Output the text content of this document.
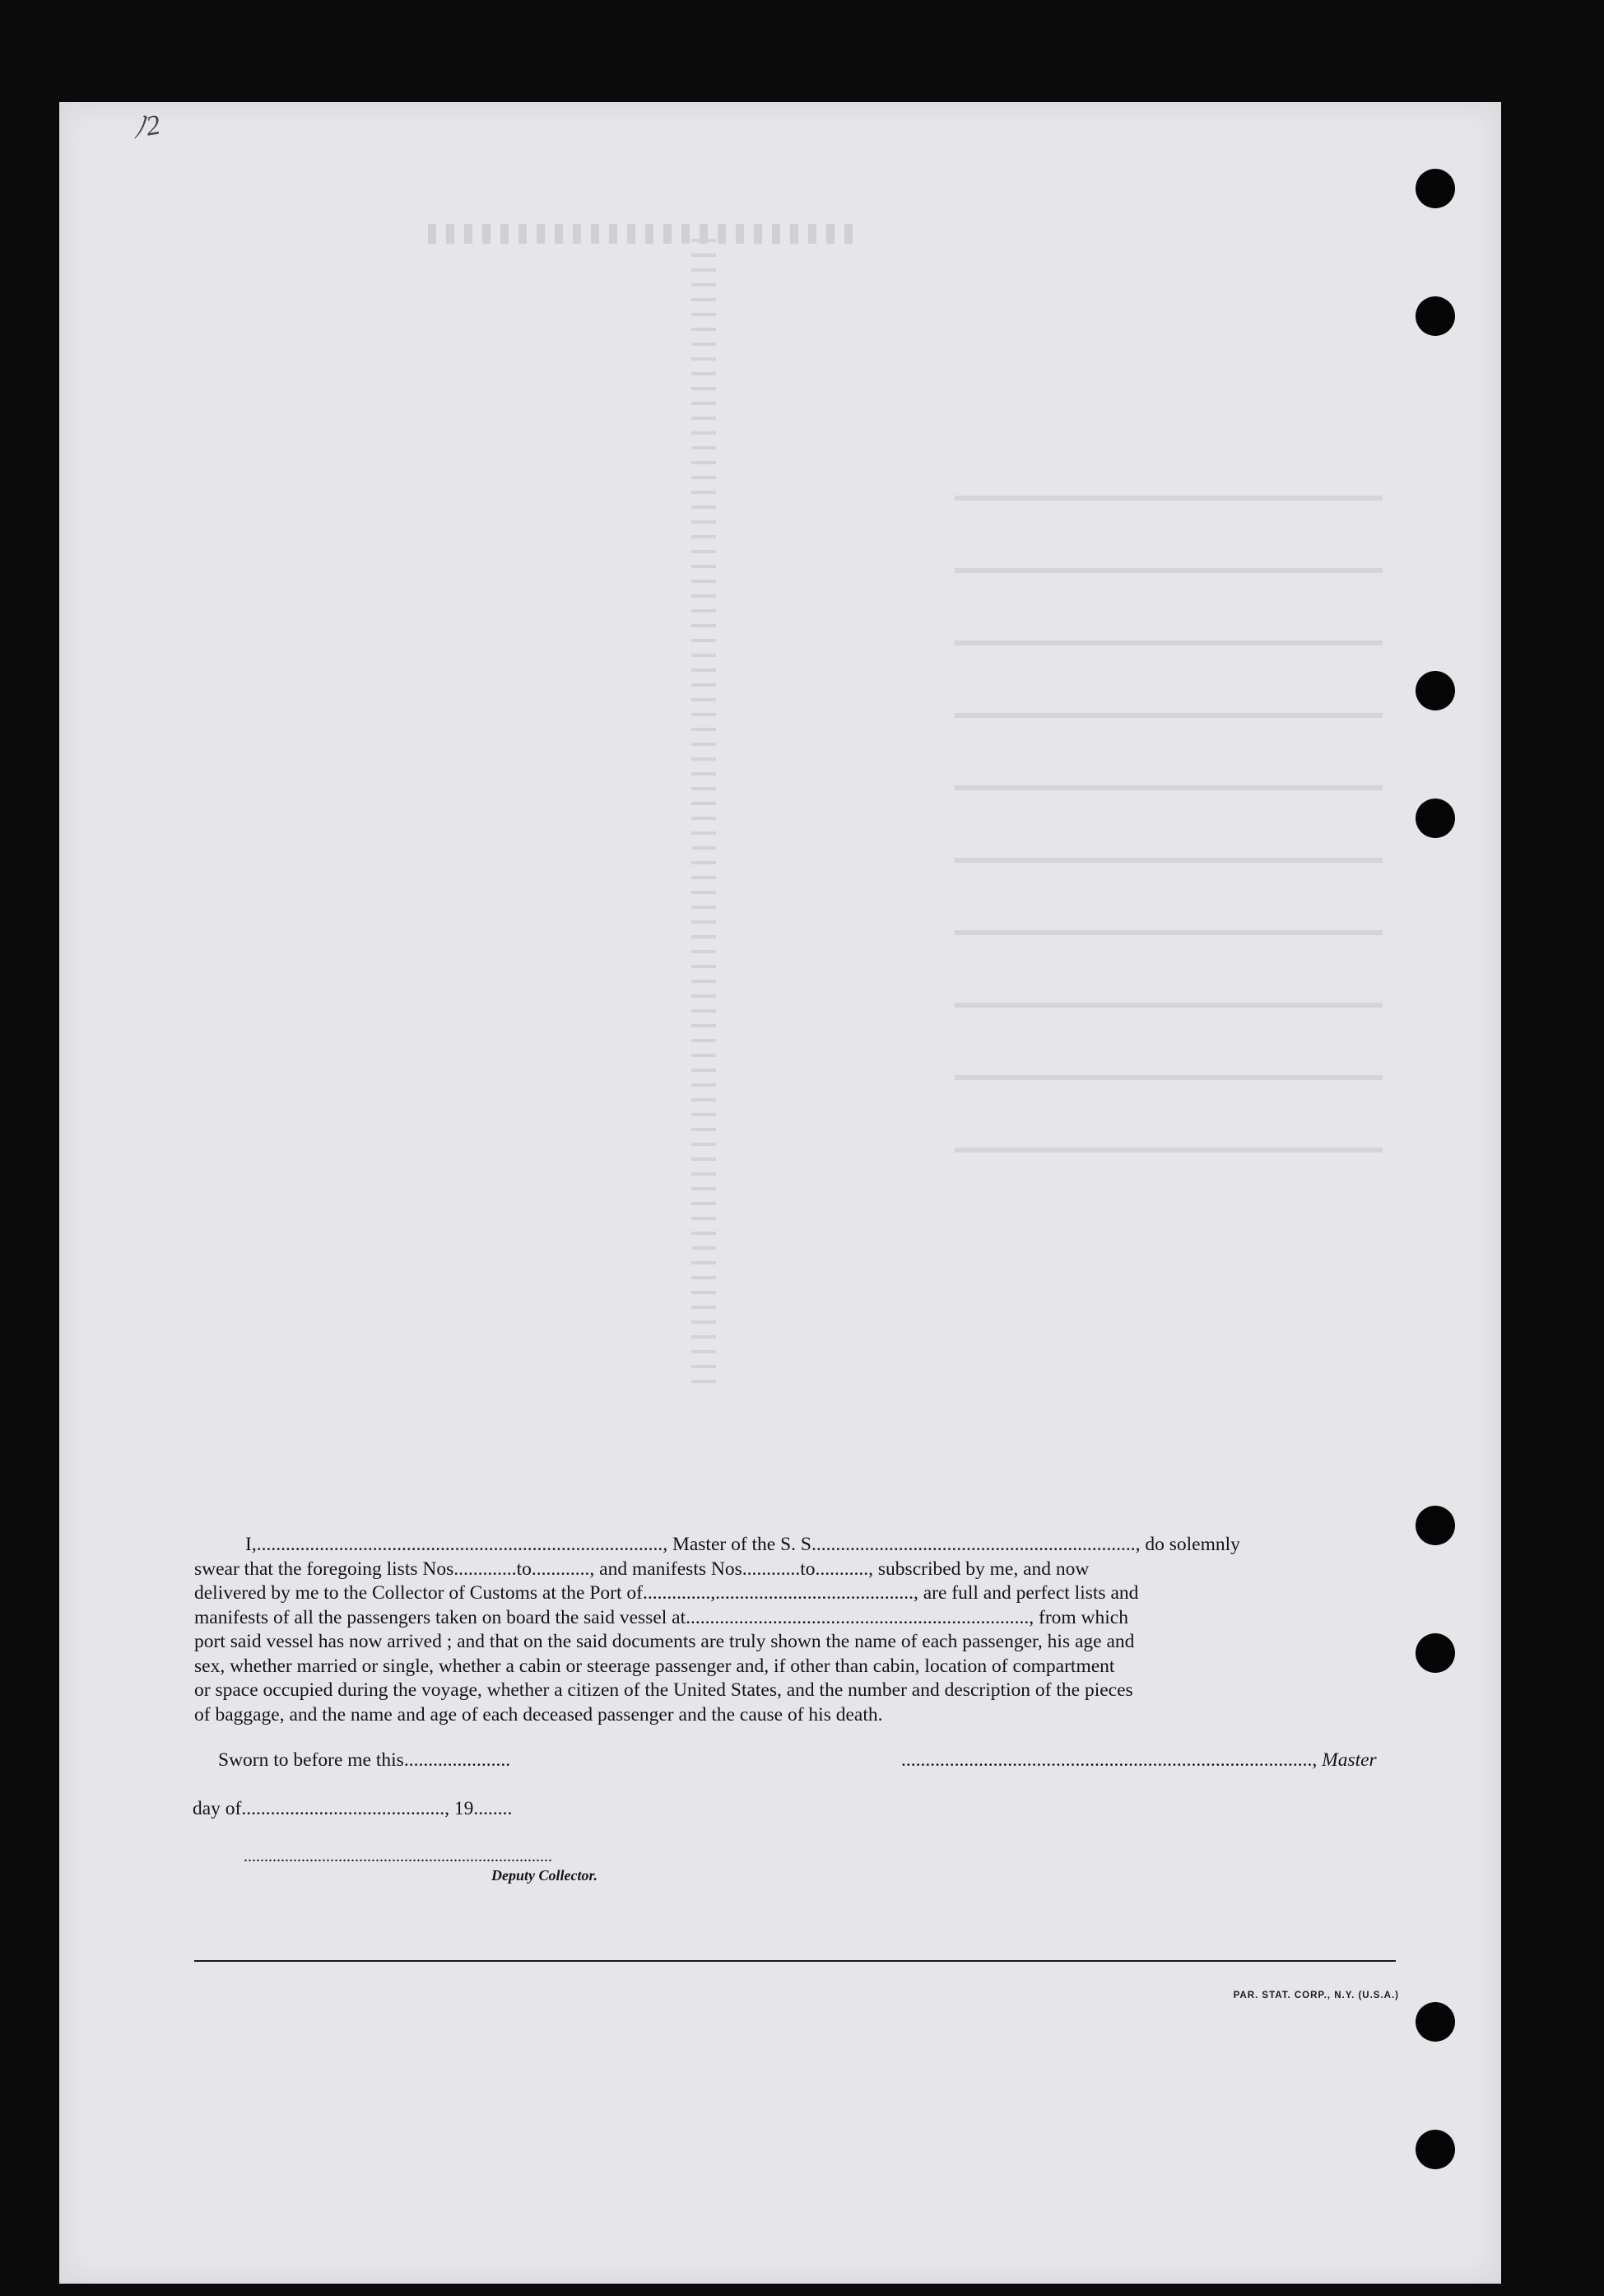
ﾉ2

I,...................................................................................., Master of the S. S..................................................................., do solemnly

swear that the foregoing lists Nos.............to............, and manifests Nos............to..........., subscribed by me, and now

delivered by me to the Collector of Customs at the Port of..............,........................................., are full and perfect lists and

manifests of all the passengers taken on board the said vessel at......................................................................., from which

port said vessel has now arrived ; and that on the said documents are truly shown the name of each passenger, his age and

sex, whether married or single, whether a cabin or steerage passenger and, if other than cabin, location of compartment

or space occupied during the voyage, whether a citizen of the United States, and the number and description of the pieces

of baggage, and the name and age of each deceased passenger and the cause of his death.

Sworn to before me this......................	....................................................................................., Master
day of.........................................., 19........
...........................................................................
Deputy Collector.
PAR. STAT. CORP., N.Y. (U.S.A.)
